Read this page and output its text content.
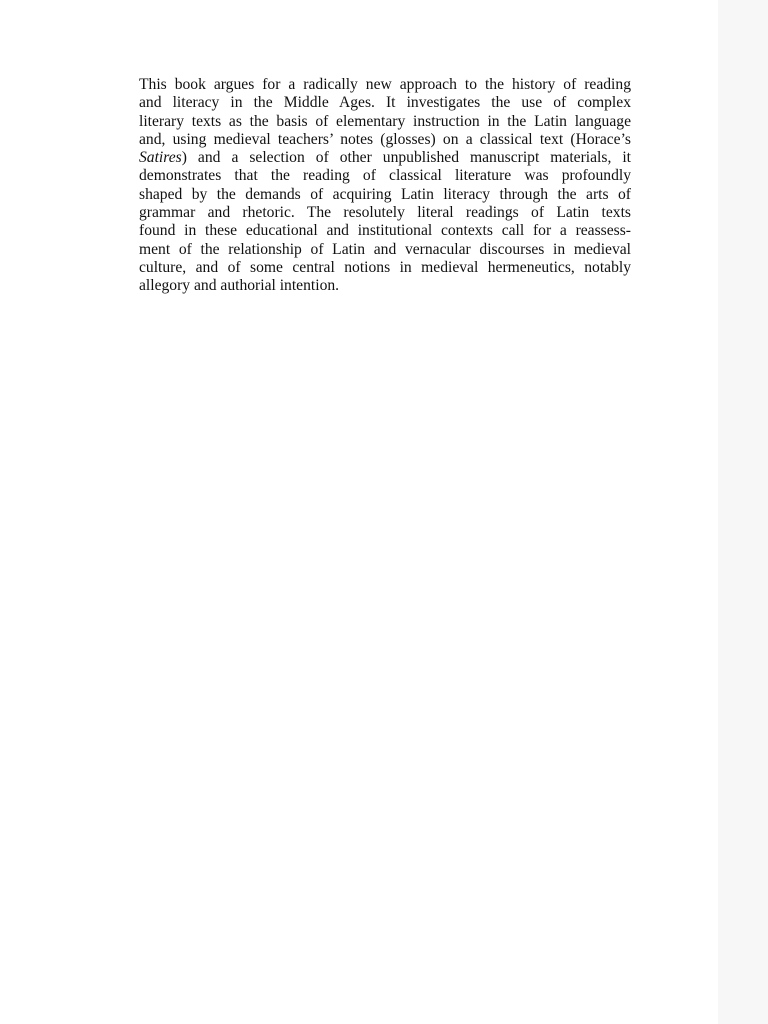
This book argues for a radically new approach to the history of reading
and literacy in the Middle Ages. It investigates the use of complex
literary texts as the basis of elementary instruction in the Latin language
and, using medieval teachers’ notes (glosses) on a classical text (Horace’s
Satires) and a selection of other unpublished manuscript materials, it
demonstrates that the reading of classical literature was profoundly
shaped by the demands of acquiring Latin literacy through the arts of
grammar and rhetoric. The resolutely literal readings of Latin texts
found in these educational and institutional contexts call for a reassess-
ment of the relationship of Latin and vernacular discourses in medieval
culture, and of some central notions in medieval hermeneutics, notably
allegory and authorial intention.
